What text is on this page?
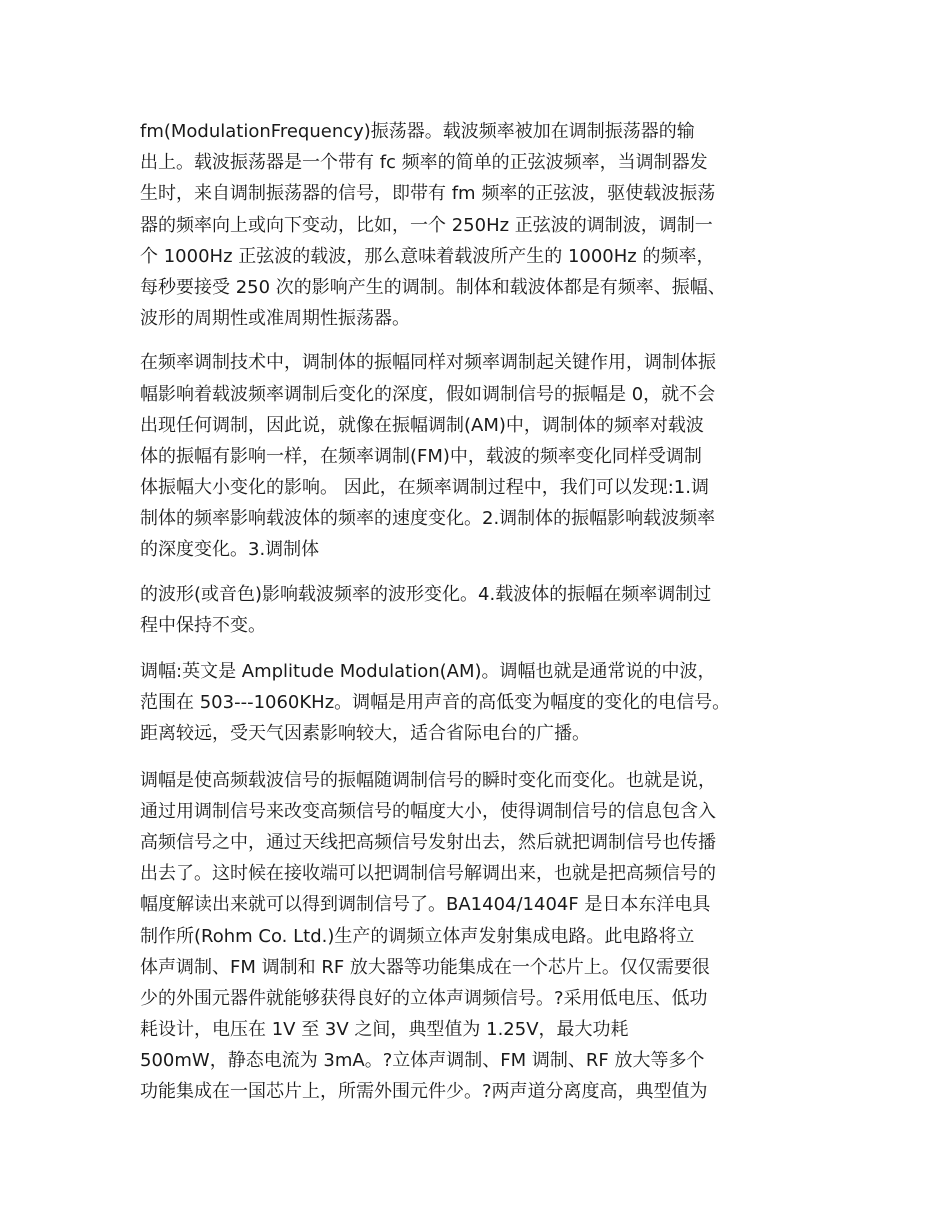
fm(ModulationFrequency)振荡器。载波频率被加在调制振荡器的输
出上。载波振荡器是一个带有 fc 频率的简单的正弦波频率，当调制器发
生时，来自调制振荡器的信号，即带有 fm 频率的正弦波，驱使载波振荡
器的频率向上或向下变动，比如，一个 250Hz 正弦波的调制波，调制一
个 1000Hz 正弦波的载波，那么意味着载波所产生的 1000Hz 的频率，
每秒要接受 250 次的影响产生的调制。制体和载波体都是有频率、振幅、
波形的周期性或准周期性振荡器。
在频率调制技术中，调制体的振幅同样对频率调制起关键作用，调制体振
幅影响着载波频率调制后变化的深度，假如调制信号的振幅是 0，就不会
出现任何调制，因此说，就像在振幅调制(AM)中，调制体的频率对载波
体的振幅有影响一样，在频率调制(FM)中，载波的频率变化同样受调制
体振幅大小变化的影响。 因此，在频率调制过程中，我们可以发现:1.调
制体的频率影响载波体的频率的速度变化。2.调制体的振幅影响载波频率
的深度变化。3.调制体
的波形(或音色)影响载波频率的波形变化。4.载波体的振幅在频率调制过
程中保持不变。
调幅:英文是 Amplitude Modulation(AM)。调幅也就是通常说的中波，
范围在 503---1060KHz。调幅是用声音的高低变为幅度的变化的电信号。
距离较远，受天气因素影响较大，适合省际电台的广播。
调幅是使高频载波信号的振幅随调制信号的瞬时变化而变化。也就是说，
通过用调制信号来改变高频信号的幅度大小，使得调制信号的信息包含入
高频信号之中，通过天线把高频信号发射出去，然后就把调制信号也传播
出去了。这时候在接收端可以把调制信号解调出来，也就是把高频信号的
幅度解读出来就可以得到调制信号了。BA1404/1404F 是日本东洋电具
制作所(Rohm Co. Ltd.)生产的调频立体声发射集成电路。此电路将立
体声调制、FM 调制和 RF 放大器等功能集成在一个芯片上。仅仅需要很
少的外围元器件就能够获得良好的立体声调频信号。?采用低电压、低功
耗设计，电压在 1V 至 3V 之间，典型值为 1.25V，最大功耗
500mW，静态电流为 3mA。?立体声调制、FM 调制、RF 放大等多个
功能集成在一国芯片上，所需外围元件少。?两声道分离度高，典型值为
